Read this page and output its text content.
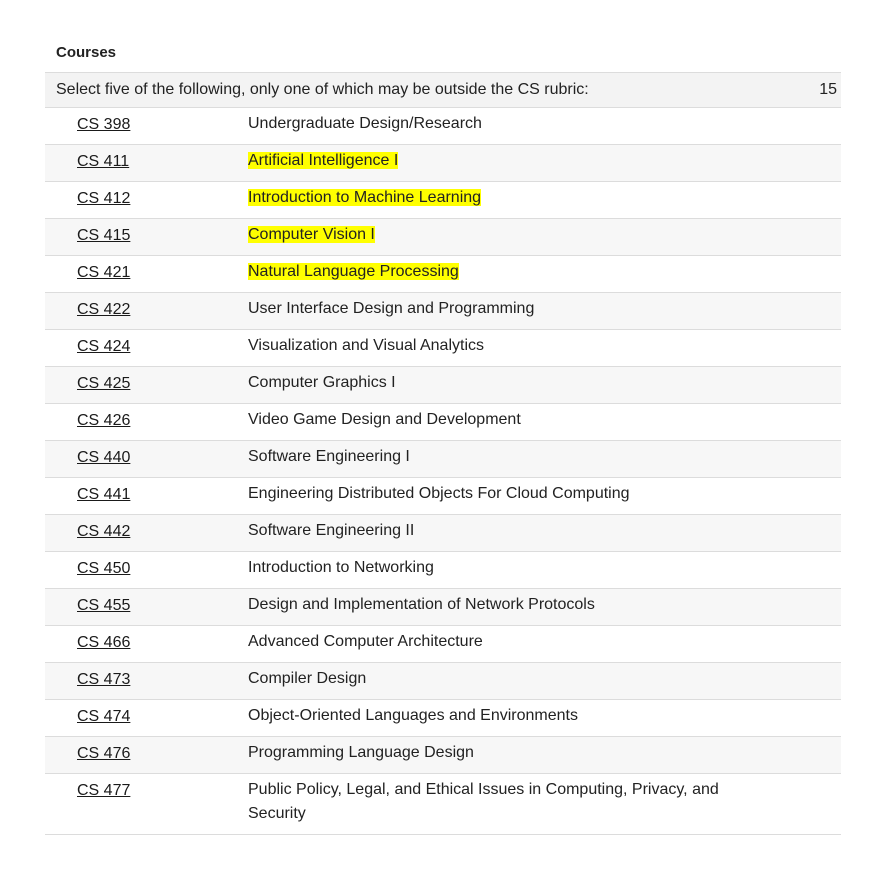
Courses
Select five of the following, only one of which may be outside the CS rubric:	15
CS 398	Undergraduate Design/Research
CS 411	Artificial Intelligence I
CS 412	Introduction to Machine Learning
CS 415	Computer Vision I
CS 421	Natural Language Processing
CS 422	User Interface Design and Programming
CS 424	Visualization and Visual Analytics
CS 425	Computer Graphics I
CS 426	Video Game Design and Development
CS 440	Software Engineering I
CS 441	Engineering Distributed Objects For Cloud Computing
CS 442	Software Engineering II
CS 450	Introduction to Networking
CS 455	Design and Implementation of Network Protocols
CS 466	Advanced Computer Architecture
CS 473	Compiler Design
CS 474	Object-Oriented Languages and Environments
CS 476	Programming Language Design
CS 477	Public Policy, Legal, and Ethical Issues in Computing, Privacy, and Security
